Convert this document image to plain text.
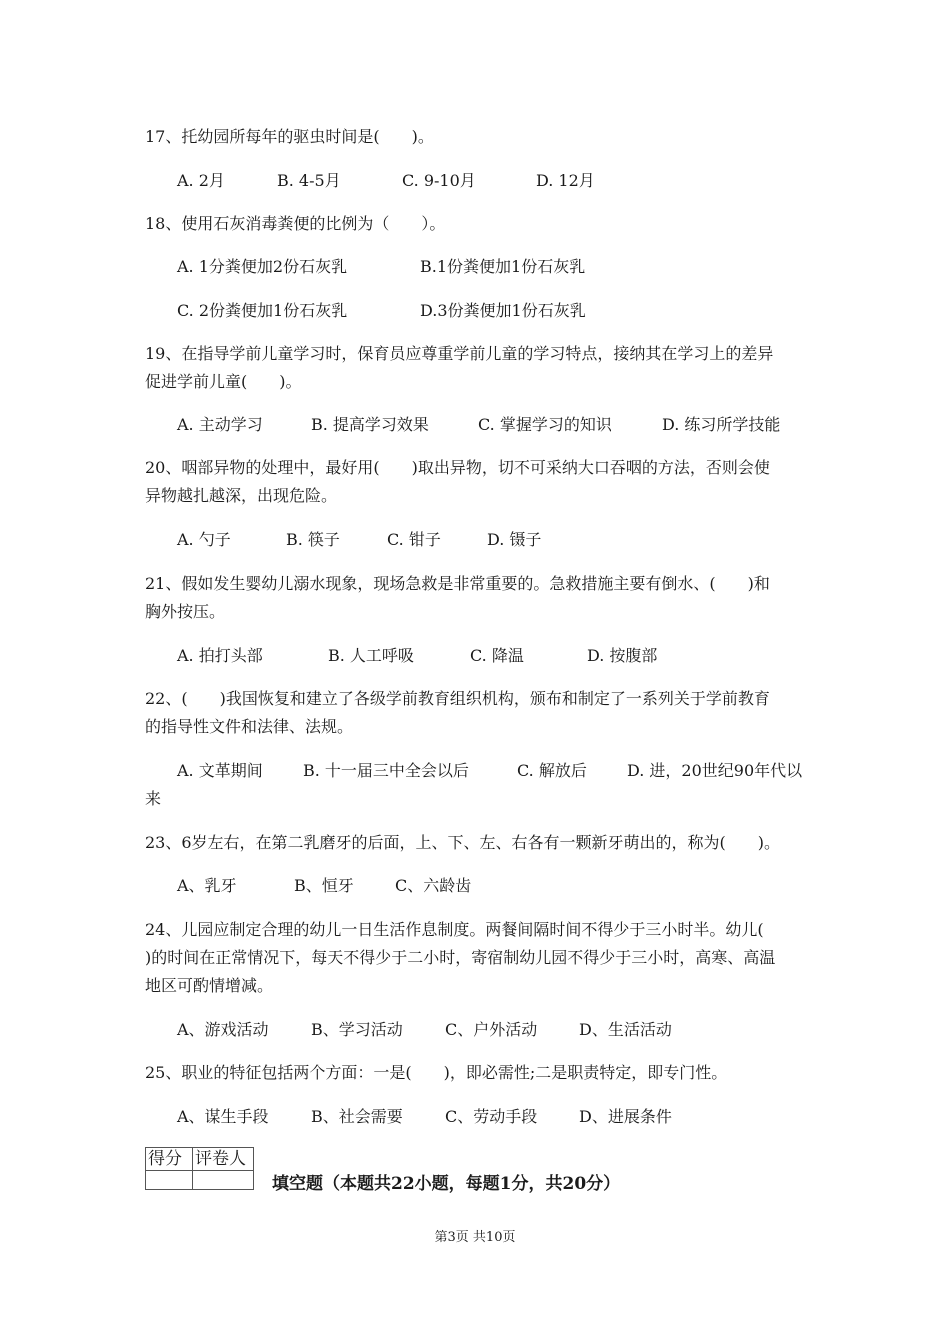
17、托幼园所每年的驱虫时间是(　　)。
A. 2月	B. 4-5月	C. 9-10月	D. 12月
18、使用石灰消毒粪便的比例为（　　）。
A. 1分粪便加2份石灰乳	B.1份粪便加1份石灰乳
C. 2份粪便加1份石灰乳	D.3份粪便加1份石灰乳
19、在指导学前儿童学习时，保育员应尊重学前儿童的学习特点，接纳其在学习上的差异
促进学前儿童(　　)。
A. 主动学习	B. 提高学习效果	C. 掌握学习的知识	D. 练习所学技能
20、咽部异物的处理中，最好用(　　)取出异物，切不可采纳大口吞咽的方法，否则会使
异物越扎越深，出现危险。
A. 勺子	B. 筷子	C. 钳子	D. 镊子
21、假如发生婴幼儿溺水现象，现场急救是非常重要的。急救措施主要有倒水、(　　)和
胸外按压。
A. 拍打头部	B. 人工呼吸	C. 降温	D. 按腹部
22、(　　)我国恢复和建立了各级学前教育组织机构，颁布和制定了一系列关于学前教育
的指导性文件和法律、法规。
A. 文革期间	B. 十一届三中全会以后	C. 解放后	D. 进，20世纪90年代以
来
23、6岁左右，在第二乳磨牙的后面，上、下、左、右各有一颗新牙萌出的，称为(　　)。
A、乳牙	B、恒牙	C、六龄齿
24、儿园应制定合理的幼儿一日生活作息制度。两餐间隔时间不得少于三小时半。幼儿(
)的时间在正常情况下，每天不得少于二小时，寄宿制幼儿园不得少于三小时，高寒、高温
地区可酌情增减。
A、游戏活动	B、学习活动	C、户外活动	D、生活活动
25、职业的特征包括两个方面：一是(　　)，即必需性;二是职责特定，即专门性。
A、谋生手段	B、社会需要	C、劳动手段	D、进展条件
得分	评卷人

填空题（本题共22小题，每题1分，共20分）
第3页 共10页
